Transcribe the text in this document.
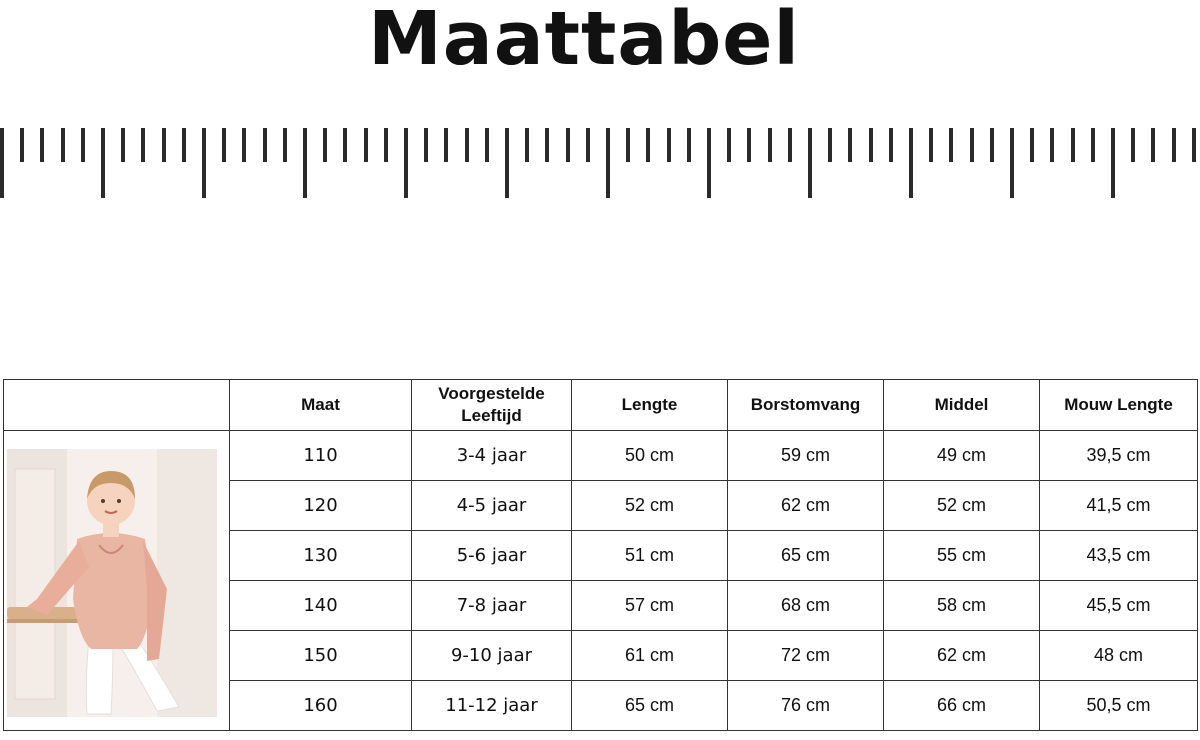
Maattabel
	Maat	Voorgestelde Leeftijd	Lengte	Borstomvang	Middel	Mouw Lengte

	110	3-4 jaar	50 cm	59 cm	49 cm	39,5 cm
	120	4-5 jaar	52 cm	62 cm	52 cm	41,5 cm
	130	5-6 jaar	51 cm	65 cm	55 cm	43,5 cm
	140	7-8 jaar	57 cm	68 cm	58 cm	45,5 cm
	150	9-10 jaar	61 cm	72 cm	62 cm	48 cm
	160	11-12 jaar	65 cm	76 cm	66 cm	50,5 cm
